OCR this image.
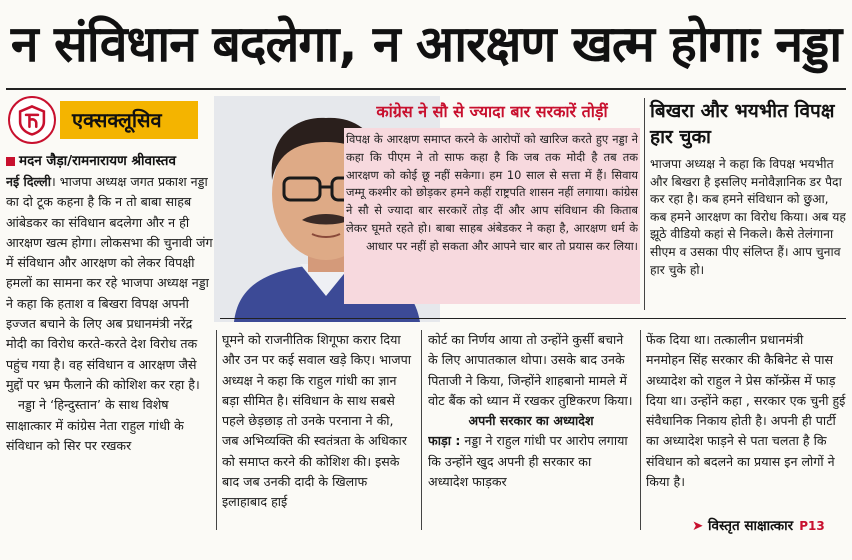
न संविधान बदलेगा, न आरक्षण खत्म होगाः नड्डा
एक्सक्लूसिव
मदन जैड़ा/रामनारायण श्रीवास्तव

नई दिल्ली। भाजपा अध्यक्ष जगत प्रकाश नड्डा का दो टूक कहना है कि न तो बाबा साहब आंबेडकर का संविधान बदलेगा और न ही आरक्षण खत्म होगा। लोकसभा की चुनावी जंग में संविधान और आरक्षण को लेकर विपक्षी हमलों का सामना कर रहे भाजपा अध्यक्ष नड्डा ने कहा कि हताश व बिखरा विपक्ष अपनी इज्जत बचाने के लिए अब प्रधानमंत्री नरेंद्र मोदी का विरोध करते-करते देश विरोध तक पहुंच गया है। वह संविधान व आरक्षण जैसे मुद्दों पर भ्रम फैलाने की कोशिश कर रहा है।

नड्डा ने ‘हिन्दुस्तान’ के साथ विशेष साक्षात्कार में कांग्रेस नेता राहुल गांधी के संविधान को सिर पर रखकर

कांग्रेस ने सौ से ज्यादा बार सरकारें तोड़ीं
विपक्ष के आरक्षण समाप्त करने के आरोपों को खारिज करते हुए नड्डा ने कहा कि पीएम ने तो साफ कहा है कि जब तक मोदी है तब तक आरक्षण को कोई छू नहीं सकेगा। हम 10 साल से सत्ता में हैं। सिवाय जम्मू कश्मीर को छोड़कर हमने कहीं राष्ट्रपति शासन नहीं लगाया। कांग्रेस ने सौ से ज्यादा बार सरकारें तोड़ दीं और आप संविधान की किताब लेकर घूमते रहते हो। बाबा साहब अंबेडकर ने कहा है, आरक्षण धर्म के आधार पर नहीं हो सकता और आपने चार बार तो प्रयास कर लिया।
बिखरा और भयभीत विपक्ष हार चुका
भाजपा अध्यक्ष ने कहा कि विपक्ष भयभीत और बिखरा है इसलिए मनोवैज्ञानिक डर पैदा कर रहा है। कब हमने संविधान को छुआ, कब हमने आरक्षण का विरोध किया। अब यह झूठे वीडियो कहां से निकले। कैसे तेलंगाना सीएम व उसका पीए संलिप्त हैं। आप चुनाव हार चुके हो।
घूमने को राजनीतिक शिगूफा करार दिया और उन पर कई सवाल खड़े किए। भाजपा अध्यक्ष ने कहा कि राहुल गांधी का ज्ञान बड़ा सीमित है। संविधान के साथ सबसे पहले छेड़छाड़ तो उनके परनाना ने की, जब अभिव्यक्ति की स्वतंत्रता के अधिकार को समाप्त करने की कोशिश की। इसके बाद जब उनकी दादी के खिलाफ इलाहाबाद हाई

कोर्ट का निर्णय आया तो उन्होंने कुर्सी बचाने के लिए आपातकाल थोपा। उसके बाद उनके पिताजी ने किया, जिन्होंने शाहबानो मामले में वोट बैंक को ध्यान में रखकर तुष्टिकरण किया।

अपनी सरकार का अध्यादेश

फाड़ा : नड्डा ने राहुल गांधी पर आरोप लगाया कि उन्होंने खुद अपनी ही सरकार का अध्यादेश फाड़कर

फेंक दिया था। तत्कालीन प्रधानमंत्री मनमोहन सिंह सरकार की कैबिनेट से पास अध्यादेश को राहुल ने प्रेस कॉन्फ्रेंस में फाड़ दिया था। उन्होंने कहा , सरकार एक चुनी हुई संवैधानिक निकाय होती है। अपनी ही पार्टी का अध्यादेश फाड़ने से पता चलता है कि संविधान को बदलने का प्रयास इन लोगों ने किया है।
➤ विस्तृत साक्षात्कार P13
